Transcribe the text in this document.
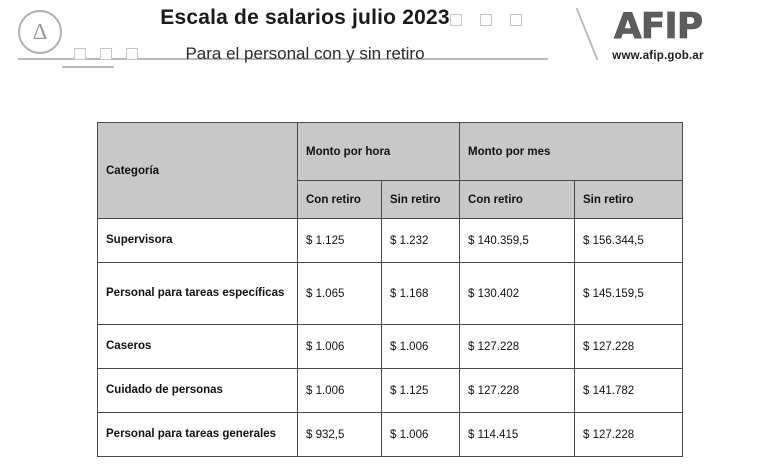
∆
Escala de salarios julio 2023
Para el personal con y sin retiro
AFIP
www.afip.gob.ar
Categoría	Monto por hora		Monto por mes	
	Con retiro	Sin retiro	Con retiro	Sin retiro
Supervisora	$ 1.125	$ 1.232	$ 140.359,5	$ 156.344,5
Personal para tareas específicas	$ 1.065	$ 1.168	$ 130.402	$ 145.159,5
Caseros	$ 1.006	$ 1.006	$ 127.228	$ 127.228
Cuidado de personas	$ 1.006	$ 1.125	$ 127.228	$ 141.782
Personal para tareas generales	$ 932,5	$ 1.006	$ 114.415	$ 127.228
